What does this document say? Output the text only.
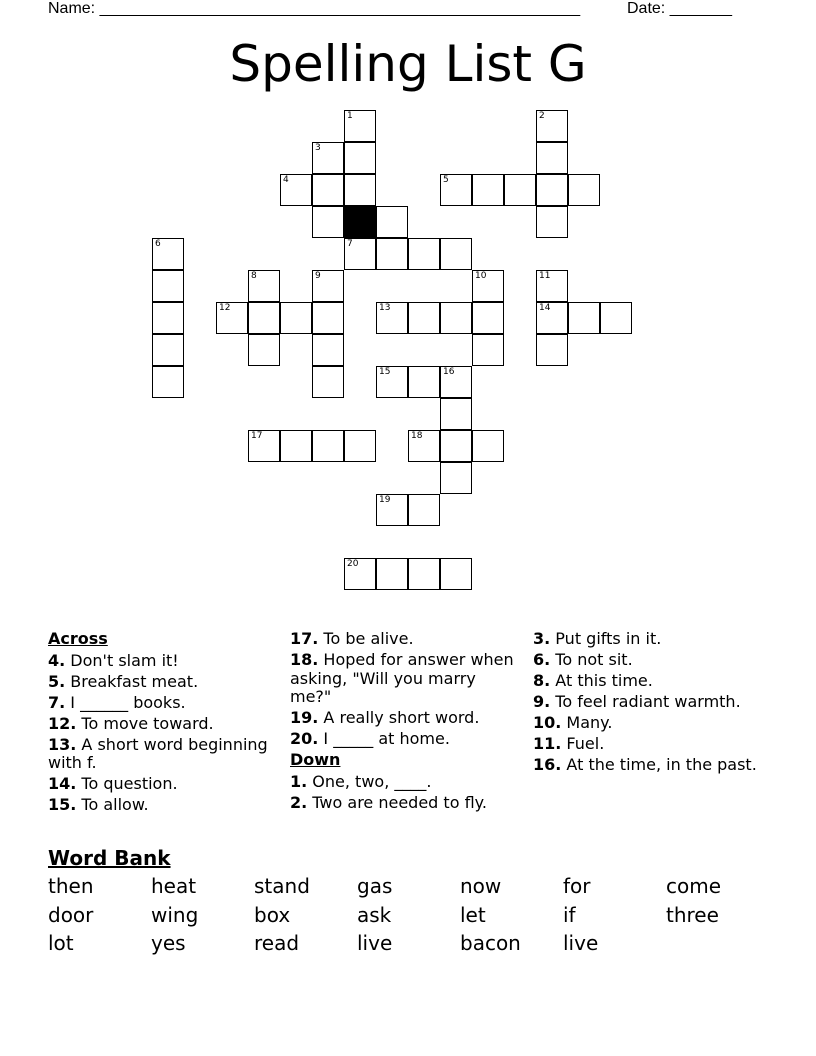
Name: ______________________________________________________	Date: _______
Spelling List G
1	2
3
4	5
6	7
8	9	10	11
12	13	14
15	16
17	18
19
20
Across
4. Don't slam it!
5. Breakfast meat.
7. I ______ books.
12. To move toward.
13. A short word beginning with f.
14. To question.
15. To allow.
17. To be alive.
18. Hoped for answer when asking, "Will you marry me?"
19. A really short word.
20. I _____ at home.
Down
1. One, two, ____.
2. Two are needed to fly.
3. Put gifts in it.
6. To not sit.
8. At this time.
9. To feel radiant warmth.
10. Many.
11. Fuel.
16. At the time, in the past.
Word Bank
then	heat	stand gas	now	for	come
door	wing	box	ask	let	if	three
lot	yes	read	live	bacon live
